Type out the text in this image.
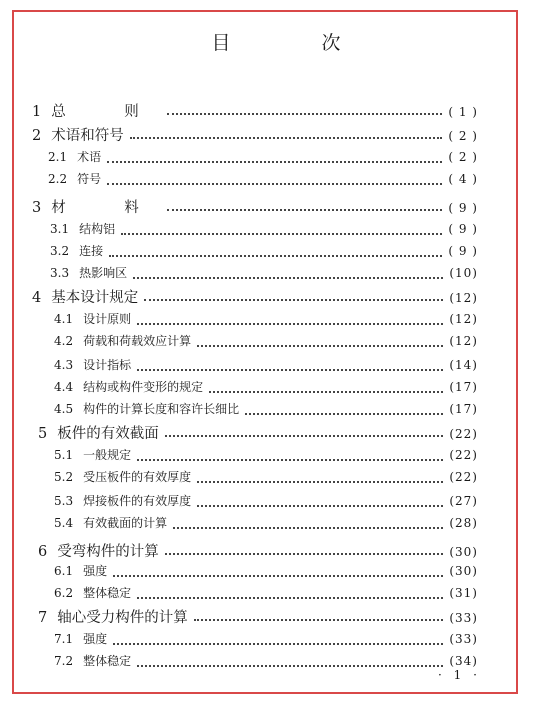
目　次
1 总　则	( 1 )
2 术语和符号	( 2 )
2.1 术语	( 2 )
2.2 符号	( 4 )
3 材　料	( 9 )
3.1 结构铝	( 9 )
3.2 连接	( 9 )
3.3 热影响区	(10)
4 基本设计规定	(12)
4.1 设计原则	(12)
4.2 荷载和荷载效应计算	(12)
4.3 设计指标	(14)
4.4 结构或构件变形的规定	(17)
4.5 构件的计算长度和容许长细比	(17)
5 板件的有效截面	(22)
5.1 一般规定	(22)
5.2 受压板件的有效厚度	(22)
5.3 焊接板件的有效厚度	(27)
5.4 有效截面的计算	(28)
6 受弯构件的计算	(30)
6.1 强度	(30)
6.2 整体稳定	(31)
7 轴心受力构件的计算	(33)
7.1 强度	(33)
7.2 整体稳定	(34)
· 1 ·
